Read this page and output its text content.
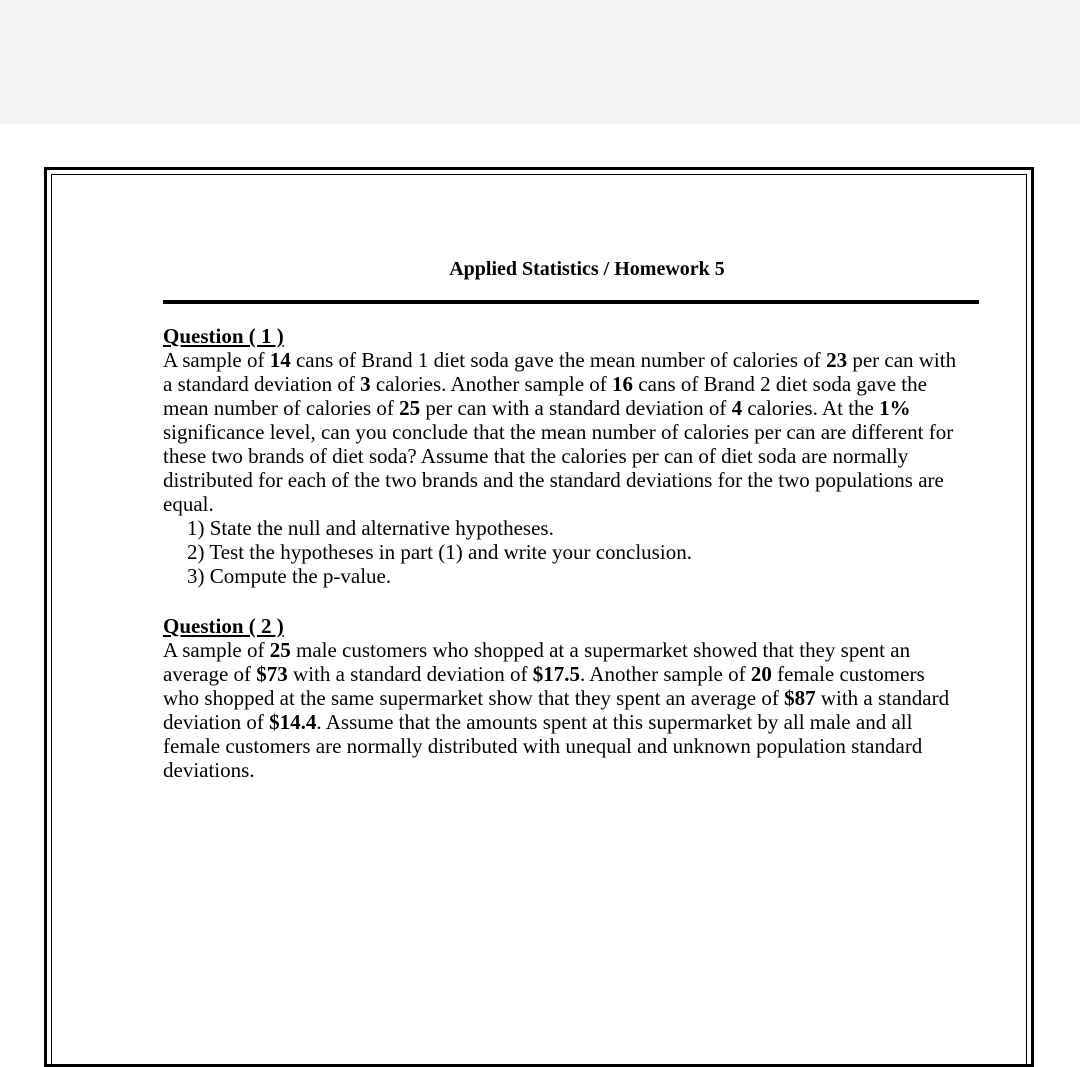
Applied Statistics / Homework 5
Question ( 1 )

A sample of 14 cans of Brand 1 diet soda gave the mean number of calories of 23 per can with a standard deviation of 3 calories. Another sample of 16 cans of Brand 2 diet soda gave the mean number of calories of 25 per can with a standard deviation of 4 calories. At the 1% significance level, can you conclude that the mean number of calories per can are different for these two brands of diet soda? Assume that the calories per can of diet soda are normally distributed for each of the two brands and the standard deviations for the two populations are equal.

1) State the null and alternative hypotheses.
2) Test the hypotheses in part (1) and write your conclusion.
3) Compute the p-value.
Question ( 2 )

A sample of 25 male customers who shopped at a supermarket showed that they spent an average of $73 with a standard deviation of $17.5. Another sample of 20 female customers who shopped at the same supermarket show that they spent an average of $87 with a standard deviation of $14.4. Assume that the amounts spent at this supermarket by all male and all female customers are normally distributed with unequal and unknown population standard deviations.
